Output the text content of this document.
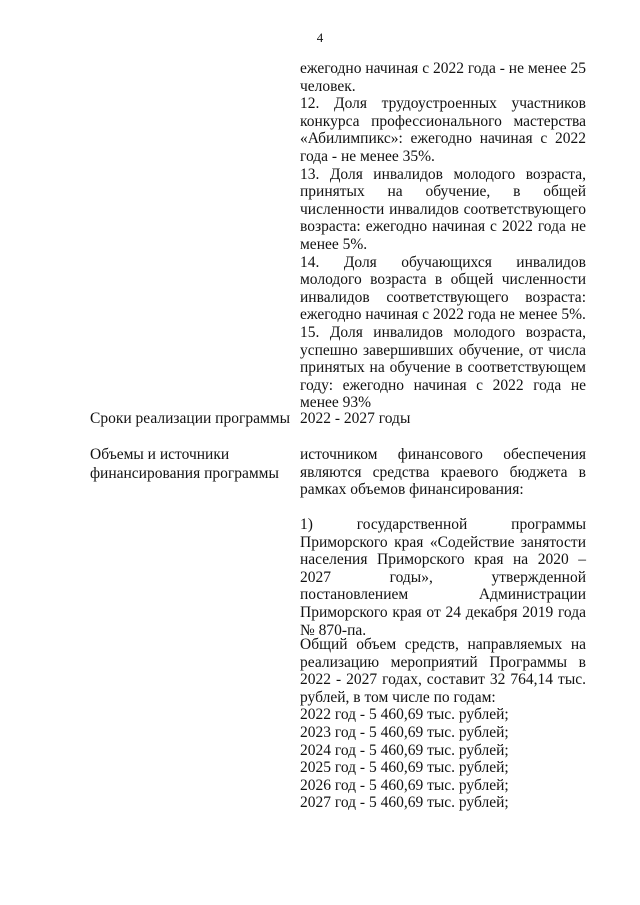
4

ежегодно начиная с 2022 года - не менее 25 человек.

12. Доля трудоустроенных участников конкурса профессионального мастерства «Абилимпикс»: ежегодно начиная с 2022 года - не менее 35%.

13. Доля инвалидов молодого возраста, принятых на обучение, в общей численности инвалидов соответствующего возраста: ежегодно начиная с 2022 года не менее 5%.

14. Доля обучающихся инвалидов молодого возраста в общей численности инвалидов соответствующего возраста: ежегодно начиная с 2022 года не менее 5%.

15. Доля инвалидов молодого возраста, успешно завершивших обучение, от числа принятых на обучение в соответствующем году: ежегодно начиная с 2022 года не менее 93%

Сроки реализации программы 2022 - 2027 годы

Объемы и источники финансирования программы

источником финансового обеспечения являются средства краевого бюджета в рамках объемов финансирования:

1) государственной программы Приморского края «Содействие занятости населения Приморского края на 2020 – 2027 годы», утвержденной постановлением Администрации Приморского края от 24 декабря 2019 года № 870-па.

Общий объем средств, направляемых на реализацию мероприятий Программы в 2022 - 2027 годах, составит 32 764,14 тыс. рублей, в том числе по годам:

2022 год - 5 460,69 тыс. рублей;
2023 год - 5 460,69 тыс. рублей;
2024 год - 5 460,69 тыс. рублей;
2025 год - 5 460,69 тыс. рублей;
2026 год - 5 460,69 тыс. рублей;
2027 год - 5 460,69 тыс. рублей;
